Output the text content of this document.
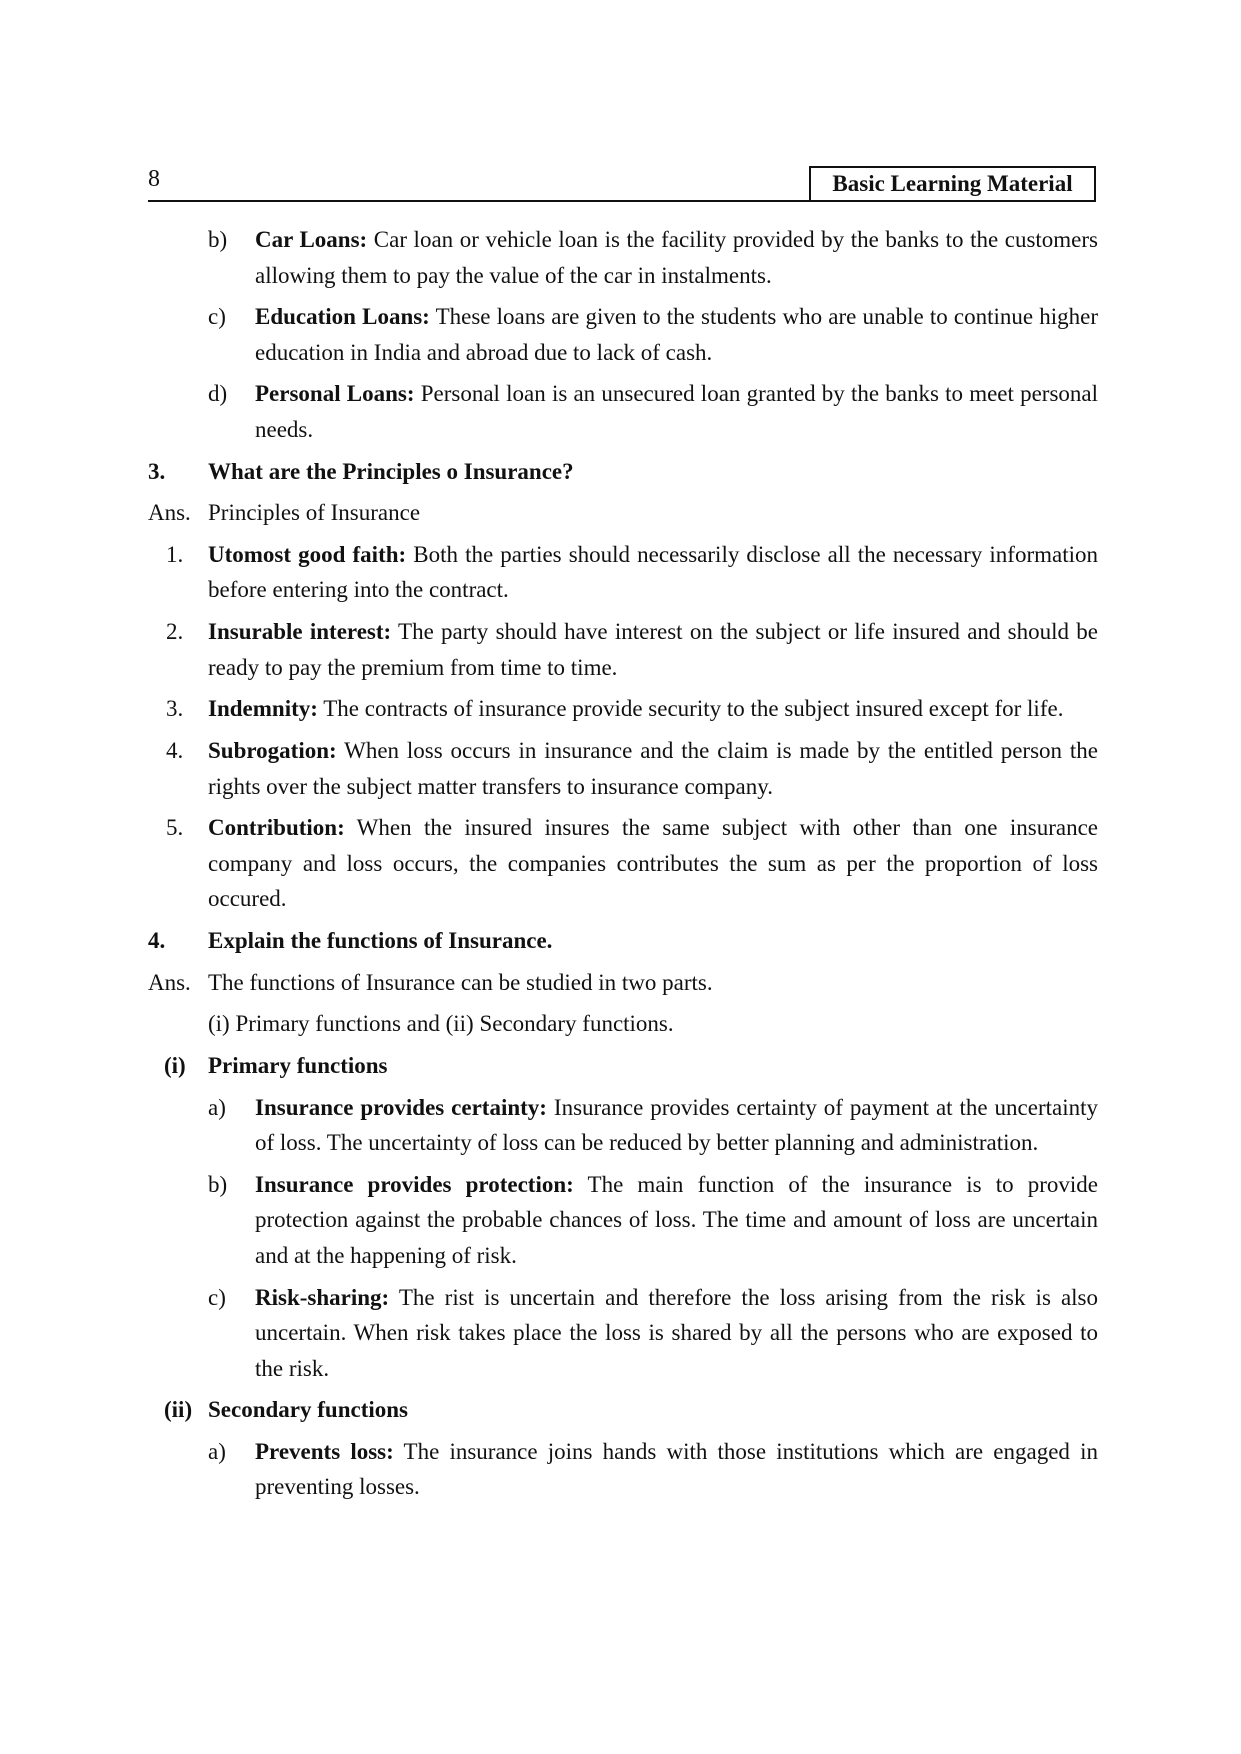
8	Basic Learning Material
b) Car Loans: Car loan or vehicle loan is the facility provided by the banks to the customers allowing them to pay the value of the car in instalments.
c) Education Loans: These loans are given to the students who are unable to continue higher education in India and abroad due to lack of cash.
d) Personal Loans: Personal loan is an unsecured loan granted by the banks to meet personal needs.
3. What are the Principles o Insurance?
Ans. Principles of Insurance
1. Utomost good faith: Both the parties should necessarily disclose all the necessary information before entering into the contract.
2. Insurable interest: The party should have interest on the subject or life insured and should be ready to pay the premium from time to time.
3. Indemnity: The contracts of insurance provide security to the subject insured except for life.
4. Subrogation: When loss occurs in insurance and the claim is made by the entitled person the rights over the subject matter transfers to insurance company.
5. Contribution: When the insured insures the same subject with other than one insurance company and loss occurs, the companies contributes the sum as per the proportion of loss occured.
4. Explain the functions of Insurance.
Ans. The functions of Insurance can be studied in two parts.
(i) Primary functions and (ii) Secondary functions.
(i) Primary functions
a) Insurance provides certainty: Insurance provides certainty of payment at the uncertainty of loss. The uncertainty of loss can be reduced by better planning and administration.
b) Insurance provides protection: The main function of the insurance is to provide protection against the probable chances of loss. The time and amount of loss are uncertain and at the happening of risk.
c) Risk-sharing: The rist is uncertain and therefore the loss arising from the risk is also uncertain. When risk takes place the loss is shared by all the persons who are exposed to the risk.
(ii) Secondary functions
a) Prevents loss: The insurance joins hands with those institutions which are engaged in preventing losses.
